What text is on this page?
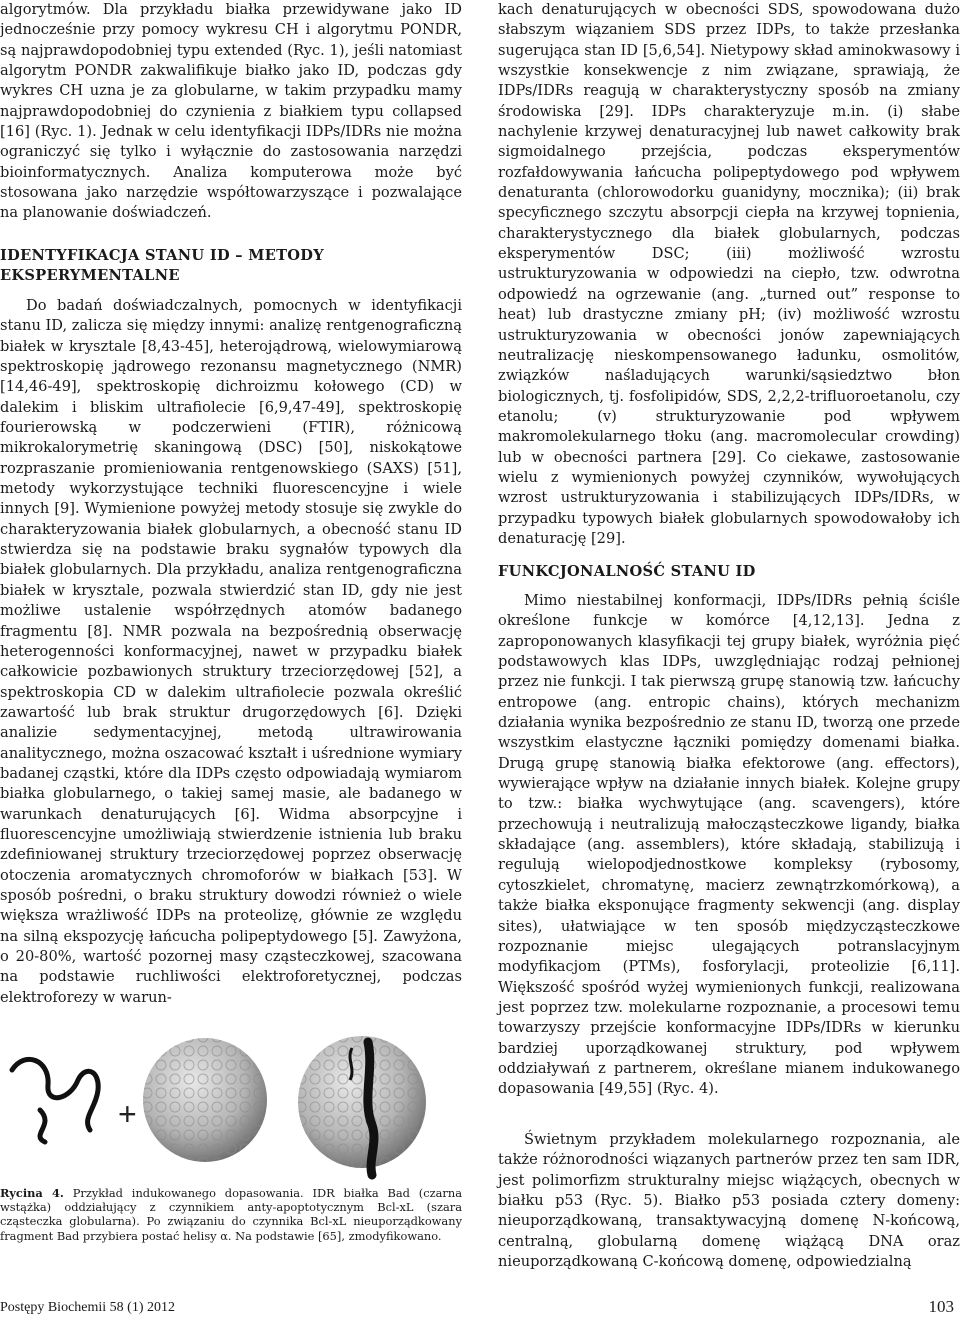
algorytmów. Dla przykładu białka przewidywane jako ID jednocześnie przy pomocy wykresu CH i algorytmu PONDR, są najprawdopodobniej typu extended (Ryc. 1), jeśli natomiast algorytm PONDR zakwalifikuje białko jako ID, podczas gdy wykres CH uzna je za globularne, w takim przypadku mamy najprawdopodobniej do czynienia z białkiem typu collapsed [16] (Ryc. 1). Jednak w celu identyfikacji IDPs/IDRs nie można ograniczyć się tylko i wyłącznie do zastosowania narzędzi bioinformatycznych. Analiza komputerowa może być stosowana jako narzędzie współtowarzyszące i pozwalające na planowanie doświadczeń.

IDENTYFIKACJA STANU ID – METODY EKSPERYMENTALNE

Do badań doświadczalnych, pomocnych w identyfikacji stanu ID, zalicza się między innymi: analizę rentgenograficzną białek w krysztale [8,43-45], heterojądrową, wielowymiarową spektroskopię jądrowego rezonansu magnetycznego (NMR) [14,46-49], spektroskopię dichroizmu kołowego (CD) w dalekim i bliskim ultrafiolecie [6,9,47-49], spektroskopię fourierowską w podczerwieni (FTIR), różnicową mikrokalorymetrię skaningową (DSC) [50], niskokątowe rozpraszanie promieniowania rentgenowskiego (SAXS) [51], metody wykorzystujące techniki fluorescencyjne i wiele innych [9]. Wymienione powyżej metody stosuje się zwykle do charakteryzowania białek globularnych, a obecność stanu ID stwierdza się na podstawie braku sygnałów typowych dla białek globularnych. Dla przykładu, analiza rentgenograficzna białek w krysztale, pozwala stwierdzić stan ID, gdy nie jest możliwe ustalenie współrzędnych atomów badanego fragmentu [8]. NMR pozwala na bezpośrednią obserwację heterogenności konformacyjnej, nawet w przypadku białek całkowicie pozbawionych struktury trzeciorzędowej [52], a spektroskopia CD w dalekim ultrafiolecie pozwala określić zawartość lub brak struktur drugorzędowych [6]. Dzięki analizie sedymentacyjnej, metodą ultrawirowania analitycznego, można oszacować kształt i uśrednione wymiary badanej cząstki, które dla IDPs często odpowiadają wymiarom białka globularnego, o takiej samej masie, ale badanego w warunkach denaturujących [6]. Widma absorpcyjne i fluorescencyjne umożliwiają stwierdzenie istnienia lub braku zdefiniowanej struktury trzeciorzędowej poprzez obserwację otoczenia aromatycznych chromoforów w białkach [53]. W sposób pośredni, o braku struktury dowodzi również o wiele większa wrażliwość IDPs na proteolizę, głównie ze względu na silną ekspozycję łańcucha polipeptydowego [5]. Zawyżona, o 20-80%, wartość pozornej masy cząsteczkowej, szacowana na podstawie ruchliwości elektroforetycznej, podczas elektroforezy w warun-

+
Rycina 4. Przykład indukowanego dopasowania. IDR białka Bad (czarna wstążka) oddziałujący z czynnikiem anty-apoptotycznym Bcl-xL (szara cząsteczka globularna). Po związaniu do czynnika Bcl-xL nieuporządkowany fragment Bad przybiera postać helisy α. Na podstawie [65], zmodyfikowano.

kach denaturujących w obecności SDS, spowodowana dużo słabszym wiązaniem SDS przez IDPs, to także przesłanka sugerująca stan ID [5,6,54]. Nietypowy skład aminokwasowy i wszystkie konsekwencje z nim związane, sprawiają, że IDPs/IDRs reagują w charakterystyczny sposób na zmiany środowiska [29]. IDPs charakteryzuje m.in. (i) słabe nachylenie krzywej denaturacyjnej lub nawet całkowity brak sigmoidalnego przejścia, podczas eksperymentów rozfałdowywania łańcucha polipeptydowego pod wpływem denaturanta (chlorowodorku guanidyny, mocznika); (ii) brak specyficznego szczytu absorpcji ciepła na krzywej topnienia, charakterystycznego dla białek globularnych, podczas eksperymentów DSC; (iii) możliwość wzrostu ustrukturyzowania w odpowiedzi na ciepło, tzw. odwrotna odpowiedź na ogrzewanie (ang. „turned out” response to heat) lub drastyczne zmiany pH; (iv) możliwość wzrostu ustrukturyzowania w obecności jonów zapewniających neutralizację nieskompensowanego ładunku, osmolitów, związków naśladujących warunki/sąsiedztwo błon biologicznych, tj. fosfolipidów, SDS, 2,2,2-trifluoroetanolu, czy etanolu; (v) strukturyzowanie pod wpływem makromolekularnego tłoku (ang. macromolecular crowding) lub w obecności partnera [29]. Co ciekawe, zastosowanie wielu z wymienionych powyżej czynników, wywołujących wzrost ustrukturyzowania i stabilizujących IDPs/IDRs, w przypadku typowych białek globularnych spowodowałoby ich denaturację [29].

FUNKCJONALNOŚĆ STANU ID

Mimo niestabilnej konformacji, IDPs/IDRs pełnią ściśle określone funkcje w komórce [4,12,13]. Jedna z zaproponowanych klasyfikacji tej grupy białek, wyróżnia pięć podstawowych klas IDPs, uwzględniając rodzaj pełnionej przez nie funkcji. I tak pierwszą grupę stanowią tzw. łańcuchy entropowe (ang. entropic chains), których mechanizm działania wynika bezpośrednio ze stanu ID, tworzą one przede wszystkim elastyczne łączniki pomiędzy domenami białka. Drugą grupę stanowią białka efektorowe (ang. effectors), wywierające wpływ na działanie innych białek. Kolejne grupy to tzw.: białka wychwytujące (ang. scavengers), które przechowują i neutralizują małocząsteczkowe ligandy, białka składające (ang. assemblers), które składają, stabilizują i regulują wielopodjednostkowe kompleksy (rybosomy, cytoszkielet, chromatynę, macierz zewnątrzkomórkową), a także białka eksponujące fragmenty sekwencji (ang. display sites), ułatwiające w ten sposób międzycząsteczkowe rozpoznanie miejsc ulegających potranslacyjnym modyfikacjom (PTMs), fosforylacji, proteolizie [6,11]. Większość spośród wyżej wymienionych funkcji, realizowana jest poprzez tzw. molekularne rozpoznanie, a procesowi temu towarzyszy przejście konformacyjne IDPs/IDRs w kierunku bardziej uporządkowanej struktury, pod wpływem oddziaływań z partnerem, określane mianem indukowanego dopasowania [49,55] (Ryc. 4).

Świetnym przykładem molekularnego rozpoznania, ale także różnorodności wiązanych partnerów przez ten sam IDR, jest polimorfizm strukturalny miejsc wiążących, obecnych w białku p53 (Ryc. 5). Białko p53 posiada cztery domeny: nieuporządkowaną, transaktywacyjną domenę N-końcową, centralną, globularną domenę wiążącą DNA oraz nieuporządkowaną C-końcową domenę, odpowiedzialną

Postępy Biochemii 58 (1) 2012	103
